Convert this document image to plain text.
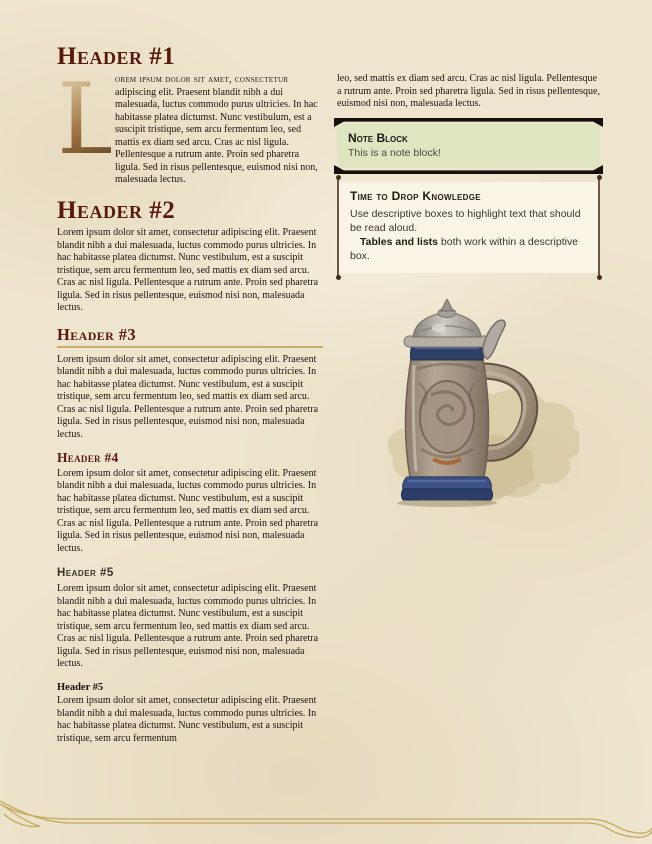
Header #1

L
orem ipsum dolor sit amet, consectetur adipiscing elit. Praesent blandit nibh a dui malesuada, luctus commodo purus ultricies. In hac habitasse platea dictumst. Nunc vestibulum, est a suscipit tristique, sem arcu fermentum leo, sed mattis ex diam sed arcu. Cras ac nisl ligula. Pellentesque a rutrum ante. Proin sed pharetra ligula. Sed in risus pellentesque, euismod nisi non, malesuada lectus.

Header #2

Lorem ipsum dolor sit amet, consectetur adipiscing elit. Praesent blandit nibh a dui malesuada, luctus commodo purus ultricies. In hac habitasse platea dictumst. Nunc vestibulum, est a suscipit tristique, sem arcu fermentum leo, sed mattis ex diam sed arcu. Cras ac nisl ligula. Pellentesque a rutrum ante. Proin sed pharetra ligula. Sed in risus pellentesque, euismod nisi non, malesuada lectus.

Header #3

Lorem ipsum dolor sit amet, consectetur adipiscing elit. Praesent blandit nibh a dui malesuada, luctus commodo purus ultricies. In hac habitasse platea dictumst. Nunc vestibulum, est a suscipit tristique, sem arcu fermentum leo, sed mattis ex diam sed arcu. Cras ac nisl ligula. Pellentesque a rutrum ante. Proin sed pharetra ligula. Sed in risus pellentesque, euismod nisi non, malesuada lectus.

Header #4

Lorem ipsum dolor sit amet, consectetur adipiscing elit. Praesent blandit nibh a dui malesuada, luctus commodo purus ultricies. In hac habitasse platea dictumst. Nunc vestibulum, est a suscipit tristique, sem arcu fermentum leo, sed mattis ex diam sed arcu. Cras ac nisl ligula. Pellentesque a rutrum ante. Proin sed pharetra ligula. Sed in risus pellentesque, euismod nisi non, malesuada lectus.

Header #5

Lorem ipsum dolor sit amet, consectetur adipiscing elit. Praesent blandit nibh a dui malesuada, luctus commodo purus ultricies. In hac habitasse platea dictumst. Nunc vestibulum, est a suscipit tristique, sem arcu fermentum leo, sed mattis ex diam sed arcu. Cras ac nisl ligula. Pellentesque a rutrum ante. Proin sed pharetra ligula. Sed in risus pellentesque, euismod nisi non, malesuada lectus.

Header #5

Lorem ipsum dolor sit amet, consectetur adipiscing elit. Praesent blandit nibh a dui malesuada, luctus commodo purus ultricies. In hac habitasse platea dictumst. Nunc vestibulum, est a suscipit tristique, sem arcu fermentum

leo, sed mattis ex diam sed arcu. Cras ac nisl ligula. Pellentesque a rutrum ante. Proin sed pharetra ligula. Sed in risus pellentesque, euismod nisi non, malesuada lectus.

Note Block
This is a note block!
Time to Drop Knowledge

Use descriptive boxes to highlight text that should be read aloud.

Tables and lists both work within a descriptive box.
